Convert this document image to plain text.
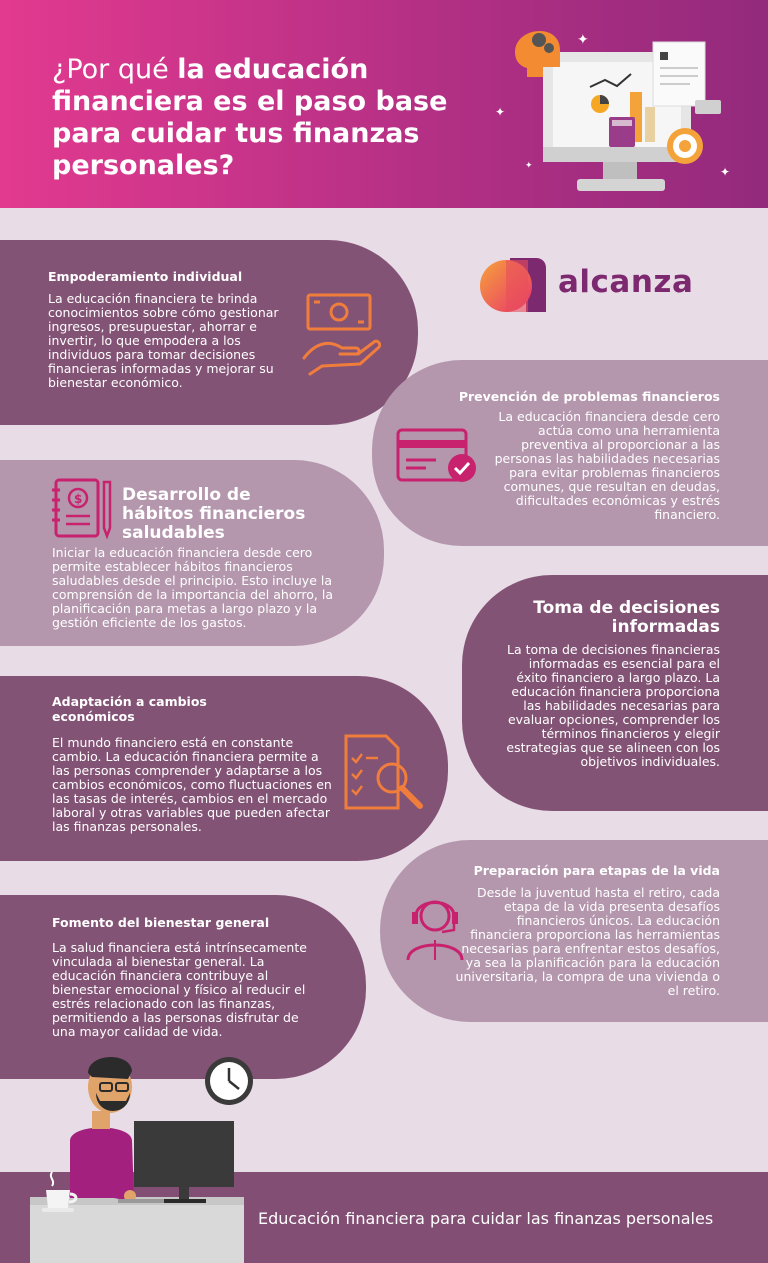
¿Por qué la educación financiera es el paso base para cuidar tus finanzas personales?
✦
✦
✦	✦
alcanza
Empoderamiento individual
La educación financiera te brinda conocimientos sobre cómo gestionar ingresos, presupuestar, ahorrar e invertir, lo que empodera a los individuos para tomar decisiones financieras informadas y mejorar su bienestar económico.
Prevención de problemas financieros
La educación financiera desde cero actúa como una herramienta preventiva al proporcionar a las personas las habilidades necesarias para evitar problemas financieros comunes, que resultan en deudas, dificultades económicas y estrés financiero.
$ Desarrollo de hábitos financieros saludables
Iniciar la educación financiera desde cero permite establecer hábitos financieros saludables desde el principio. Esto incluye la comprensión de la importancia del ahorro, la planificación para metas a largo plazo y la gestión eficiente de los gastos.
Toma de decisiones informadas
La toma de decisiones financieras informadas es esencial para el éxito financiero a largo plazo. La educación financiera proporciona las habilidades necesarias para evaluar opciones, comprender los términos financieros y elegir estrategias que se alineen con los objetivos individuales.
Adaptación a cambios económicos
El mundo financiero está en constante cambio. La educación financiera permite a las personas comprender y adaptarse a los cambios económicos, como fluctuaciones en las tasas de interés, cambios en el mercado laboral y otras variables que pueden afectar las finanzas personales.
Preparación para etapas de la vida
Desde la juventud hasta el retiro, cada etapa de la vida presenta desafíos financieros únicos. La educación financiera proporciona las herramientas necesarias para enfrentar estos desafíos, ya sea la planificación para la educación universitaria, la compra de una vivienda o el retiro.
Fomento del bienestar general
La salud financiera está intrínsecamente vinculada al bienestar general. La educación financiera contribuye al bienestar emocional y físico al reducir el estrés relacionado con las finanzas, permitiendo a las personas disfrutar de una mayor calidad de vida.
Educación financiera para cuidar las finanzas personales
